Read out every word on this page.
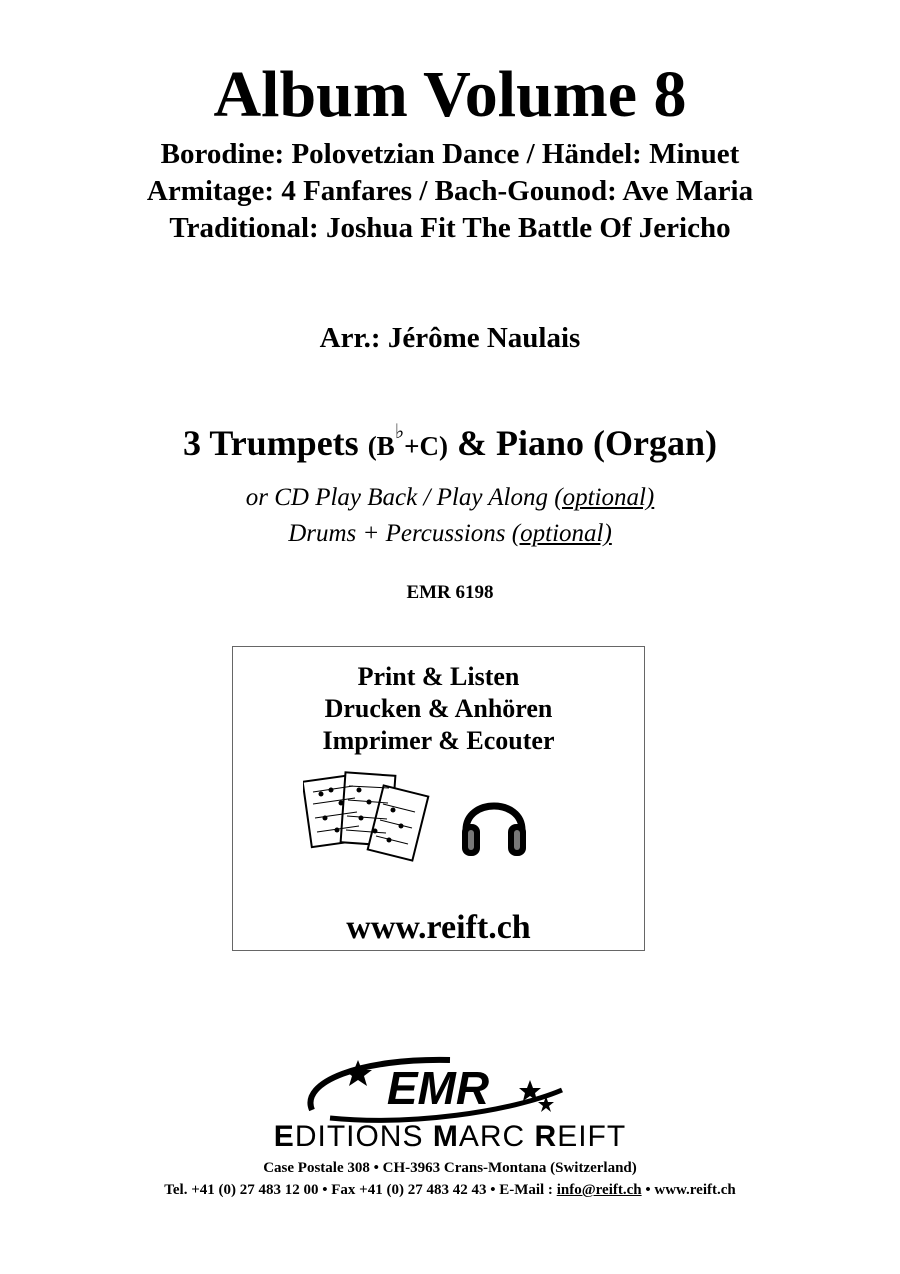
Album Volume 8
Borodine: Polovetzian Dance / Händel: Minuet
Armitage: 4 Fanfares / Bach-Gounod: Ave Maria
Traditional: Joshua Fit The Battle Of Jericho
Arr.: Jérôme Naulais
3 Trumpets (B♭+C) & Piano (Organ)
or CD Play Back / Play Along (optional)
Drums + Percussions (optional)
EMR 6198
Print & Listen
Drucken & Anhören
Imprimer & Ecouter
www.reift.ch
EMR
EDITIONS MARC REIFT
Case Postale 308 • CH-3963 Crans-Montana (Switzerland)
Tel. +41 (0) 27 483 12 00 • Fax +41 (0) 27 483 42 43 • E-Mail : info@reift.ch • www.reift.ch
